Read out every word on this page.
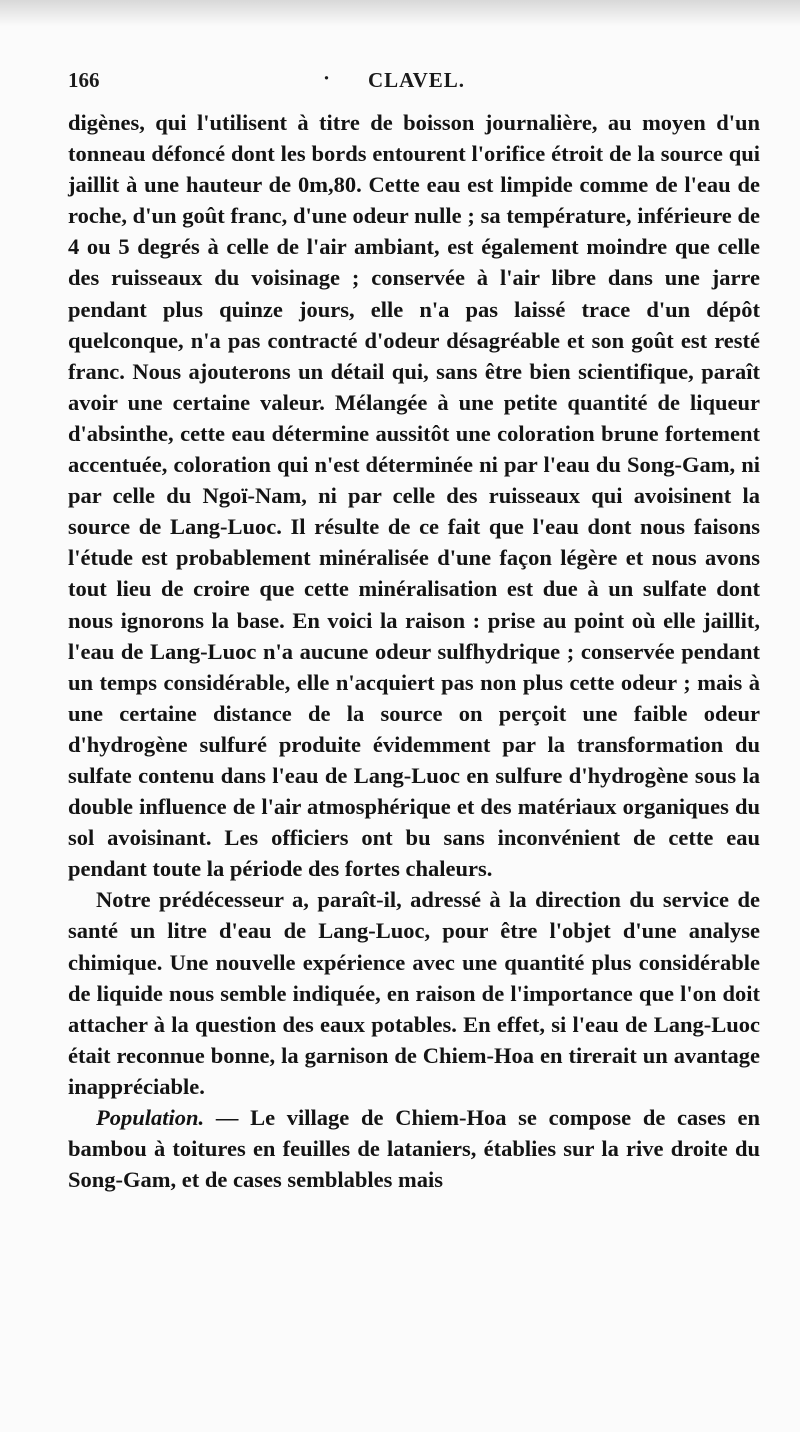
166	· CLAVEL.

digènes, qui l'utilisent à titre de boisson journalière, au moyen d'un tonneau défoncé dont les bords entourent l'orifice étroit de la source qui jaillit à une hauteur de 0m,80. Cette eau est limpide comme de l'eau de roche, d'un goût franc, d'une odeur nulle ; sa température, inférieure de 4 ou 5 degrés à celle de l'air ambiant, est également moindre que celle des ruisseaux du voisinage ; conservée à l'air libre dans une jarre pendant plus quinze jours, elle n'a pas laissé trace d'un dépôt quelconque, n'a pas contracté d'odeur désagréable et son goût est resté franc. Nous ajouterons un détail qui, sans être bien scientifique, paraît avoir une certaine valeur. Mélangée à une petite quantité de liqueur d'absinthe, cette eau détermine aussitôt une coloration brune fortement accentuée, coloration qui n'est déterminée ni par l'eau du Song-Gam, ni par celle du Ngoï-Nam, ni par celle des ruisseaux qui avoisinent la source de Lang-Luoc. Il résulte de ce fait que l'eau dont nous faisons l'étude est probablement minéralisée d'une façon légère et nous avons tout lieu de croire que cette minéralisation est due à un sulfate dont nous ignorons la base. En voici la raison : prise au point où elle jaillit, l'eau de Lang-Luoc n'a aucune odeur sulfhydrique ; conservée pendant un temps considérable, elle n'acquiert pas non plus cette odeur ; mais à une certaine distance de la source on perçoit une faible odeur d'hydrogène sulfuré produite évidemment par la transformation du sulfate contenu dans l'eau de Lang-Luoc en sulfure d'hydrogène sous la double influence de l'air atmosphérique et des matériaux organiques du sol avoisinant. Les officiers ont bu sans inconvénient de cette eau pendant toute la période des fortes chaleurs.

Notre prédécesseur a, paraît-il, adressé à la direction du service de santé un litre d'eau de Lang-Luoc, pour être l'objet d'une analyse chimique. Une nouvelle expérience avec une quantité plus considérable de liquide nous semble indiquée, en raison de l'importance que l'on doit attacher à la question des eaux potables. En effet, si l'eau de Lang-Luoc était reconnue bonne, la garnison de Chiem-Hoa en tirerait un avantage inappréciable.

Population. — Le village de Chiem-Hoa se compose de cases en bambou à toitures en feuilles de lataniers, établies sur la rive droite du Song-Gam, et de cases semblables mais
